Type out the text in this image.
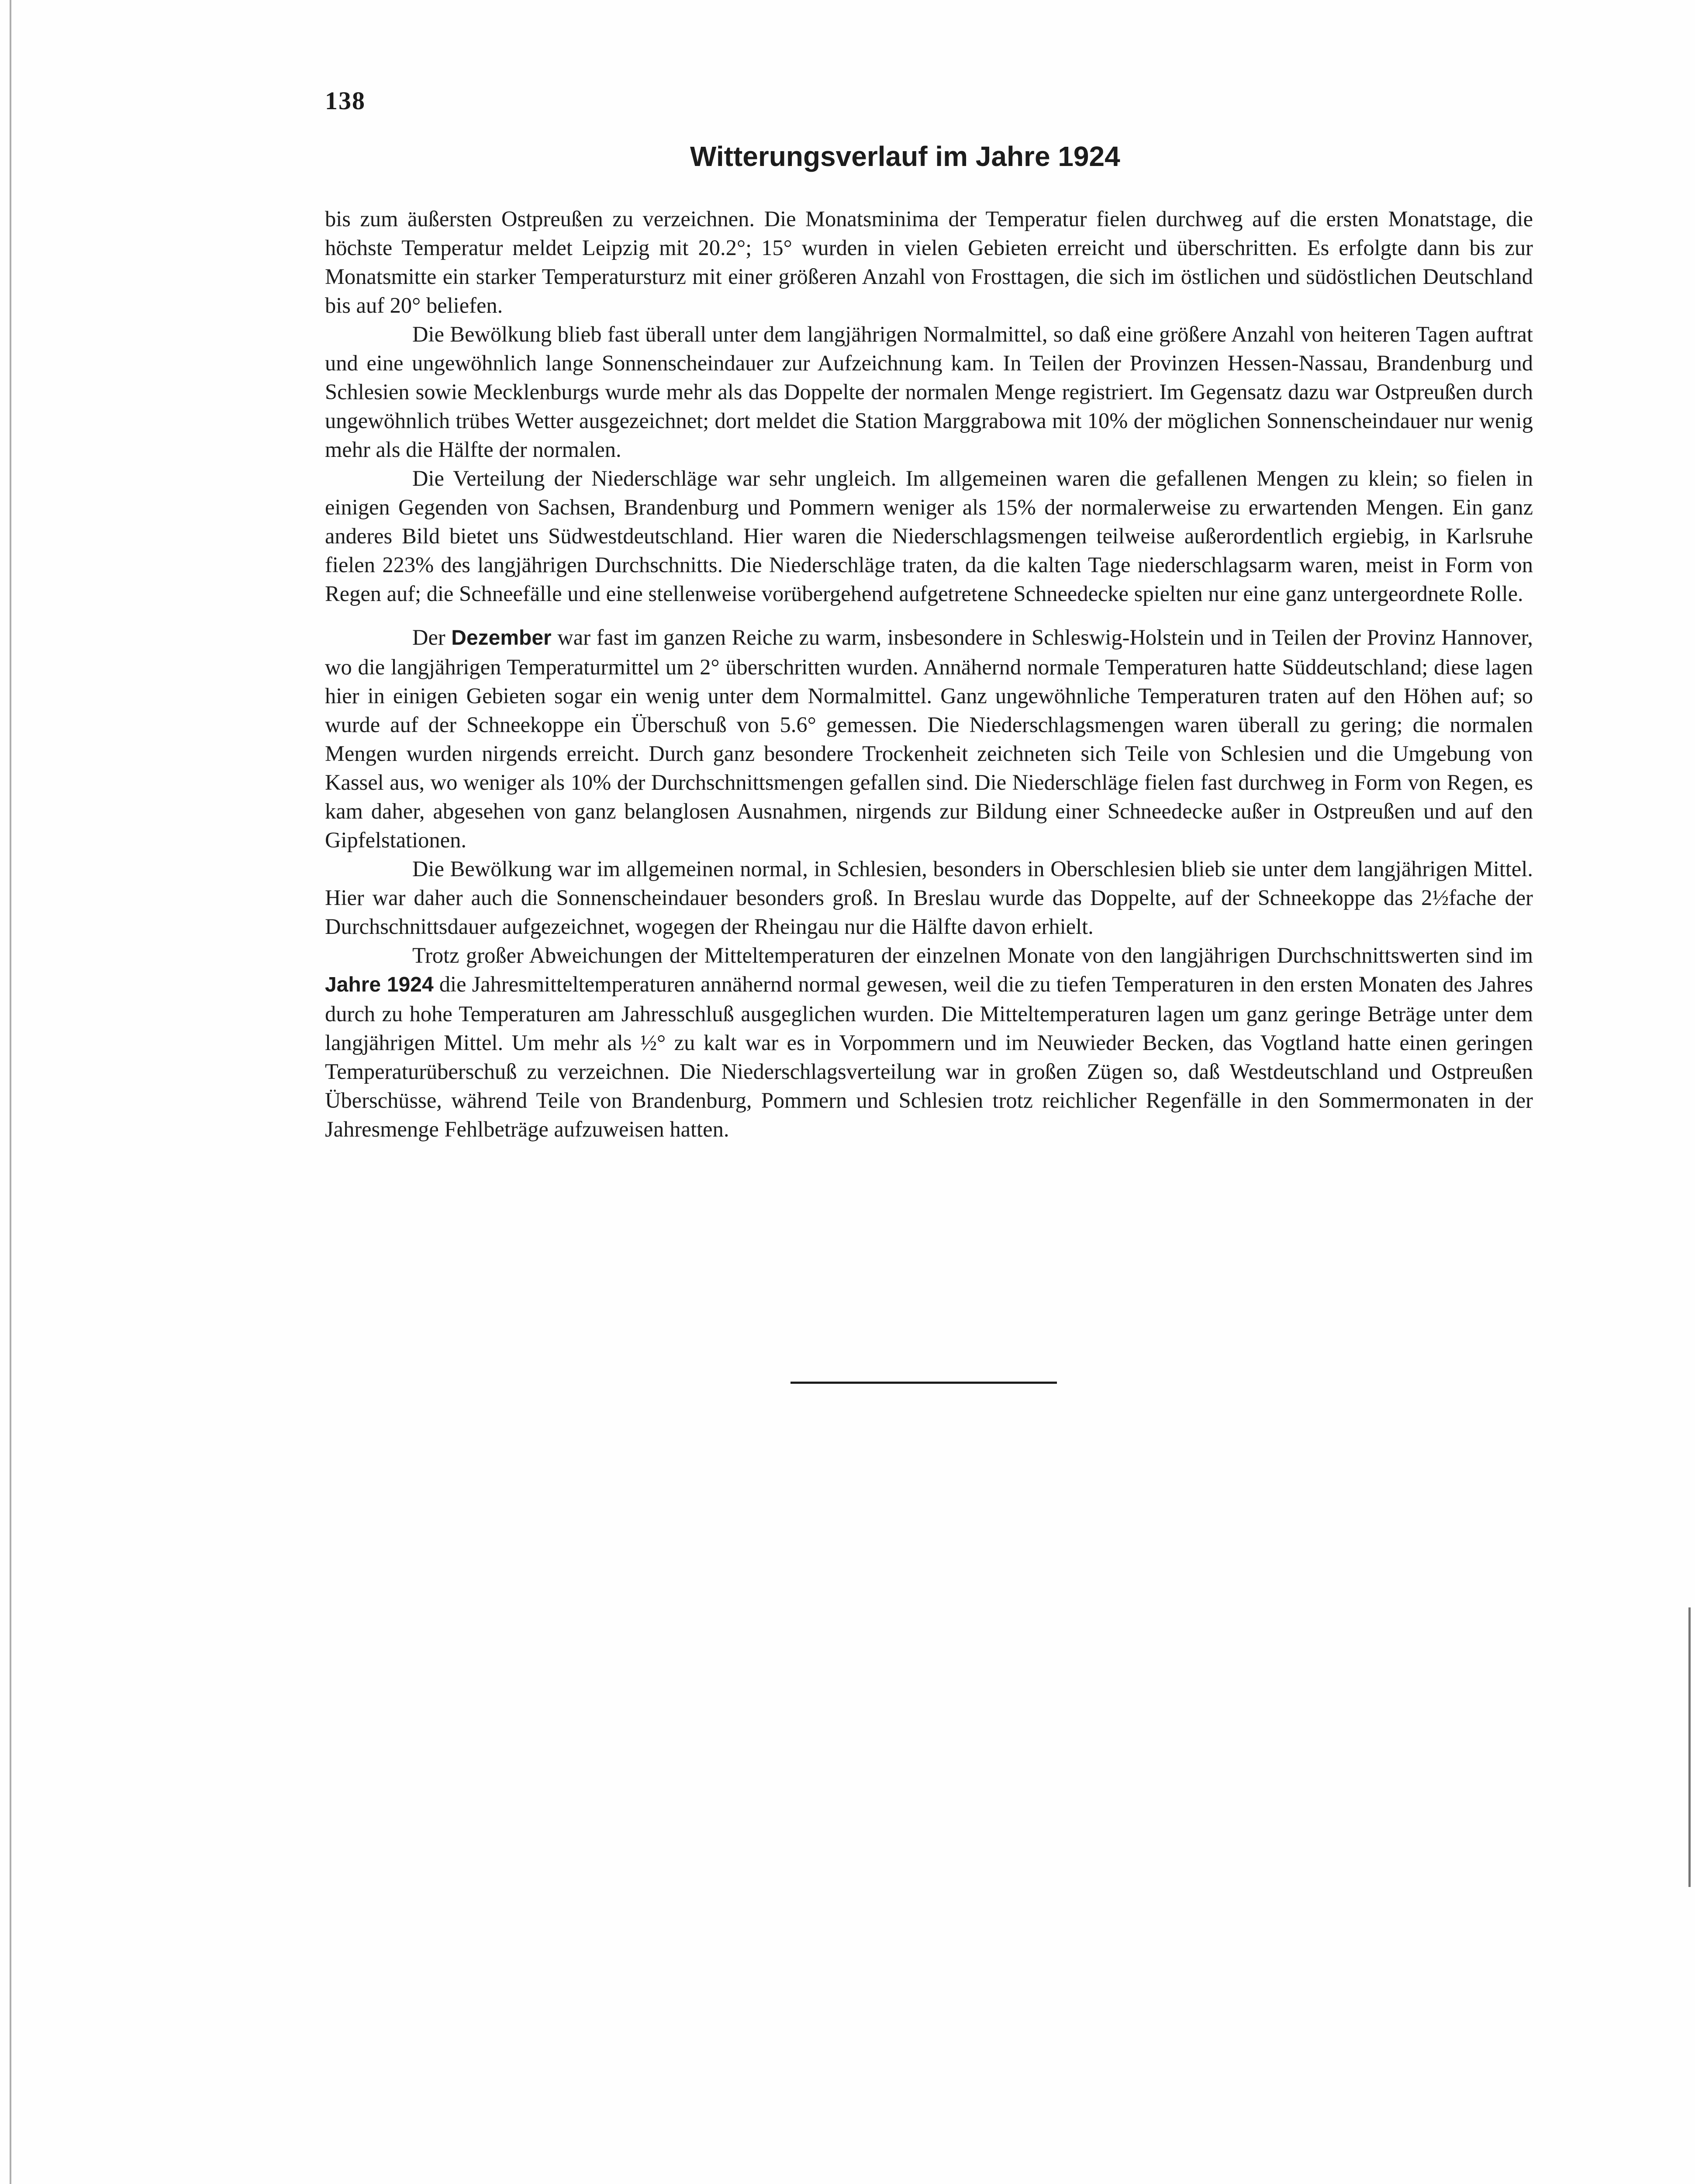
138
Witterungsverlauf im Jahre 1924

bis zum äußersten Ostpreußen zu verzeichnen. Die Monatsminima der Temperatur fielen durchweg auf die ersten Monatstage, die höchste Temperatur meldet Leipzig mit 20.2°; 15° wurden in vielen Gebieten erreicht und überschritten. Es erfolgte dann bis zur Monatsmitte ein starker Temperatursturz mit einer größeren Anzahl von Frosttagen, die sich im östlichen und südöstlichen Deutschland bis auf 20° beliefen.

Die Bewölkung blieb fast überall unter dem langjährigen Normalmittel, so daß eine größere Anzahl von heiteren Tagen auftrat und eine ungewöhnlich lange Sonnenscheindauer zur Aufzeichnung kam. In Teilen der Provinzen Hessen-Nassau, Brandenburg und Schlesien sowie Mecklenburgs wurde mehr als das Doppelte der normalen Menge registriert. Im Gegensatz dazu war Ostpreußen durch ungewöhnlich trübes Wetter ausgezeichnet; dort meldet die Station Marggrabowa mit 10% der möglichen Sonnenscheindauer nur wenig mehr als die Hälfte der normalen.

Die Verteilung der Niederschläge war sehr ungleich. Im allgemeinen waren die gefallenen Mengen zu klein; so fielen in einigen Gegenden von Sachsen, Brandenburg und Pommern weniger als 15% der normalerweise zu erwartenden Mengen. Ein ganz anderes Bild bietet uns Südwestdeutschland. Hier waren die Niederschlagsmengen teilweise außerordentlich ergiebig, in Karlsruhe fielen 223% des langjährigen Durchschnitts. Die Niederschläge traten, da die kalten Tage niederschlagsarm waren, meist in Form von Regen auf; die Schneefälle und eine stellenweise vorübergehend aufgetretene Schneedecke spielten nur eine ganz untergeordnete Rolle.

Der Dezember war fast im ganzen Reiche zu warm, insbesondere in Schleswig-Holstein und in Teilen der Provinz Hannover, wo die langjährigen Temperaturmittel um 2° überschritten wurden. Annähernd normale Temperaturen hatte Süddeutschland; diese lagen hier in einigen Gebieten sogar ein wenig unter dem Normalmittel. Ganz ungewöhnliche Temperaturen traten auf den Höhen auf; so wurde auf der Schneekoppe ein Überschuß von 5.6° gemessen. Die Niederschlagsmengen waren überall zu gering; die normalen Mengen wurden nirgends erreicht. Durch ganz besondere Trockenheit zeichneten sich Teile von Schlesien und die Umgebung von Kassel aus, wo weniger als 10% der Durchschnittsmengen gefallen sind. Die Niederschläge fielen fast durchweg in Form von Regen, es kam daher, abgesehen von ganz belanglosen Ausnahmen, nirgends zur Bildung einer Schneedecke außer in Ostpreußen und auf den Gipfelstationen.

Die Bewölkung war im allgemeinen normal, in Schlesien, besonders in Oberschlesien blieb sie unter dem langjährigen Mittel. Hier war daher auch die Sonnenscheindauer besonders groß. In Breslau wurde das Doppelte, auf der Schneekoppe das 2½fache der Durchschnittsdauer aufgezeichnet, wogegen der Rheingau nur die Hälfte davon erhielt.

Trotz großer Abweichungen der Mitteltemperaturen der einzelnen Monate von den langjährigen Durchschnittswerten sind im Jahre 1924 die Jahresmitteltemperaturen annähernd normal gewesen, weil die zu tiefen Temperaturen in den ersten Monaten des Jahres durch zu hohe Temperaturen am Jahresschluß ausgeglichen wurden. Die Mitteltemperaturen lagen um ganz geringe Beträge unter dem langjährigen Mittel. Um mehr als ½° zu kalt war es in Vorpommern und im Neuwieder Becken, das Vogtland hatte einen geringen Temperaturüberschuß zu verzeichnen. Die Niederschlagsverteilung war in großen Zügen so, daß Westdeutschland und Ostpreußen Überschüsse, während Teile von Brandenburg, Pommern und Schlesien trotz reichlicher Regenfälle in den Sommermonaten in der Jahresmenge Fehlbeträge aufzuweisen hatten.
